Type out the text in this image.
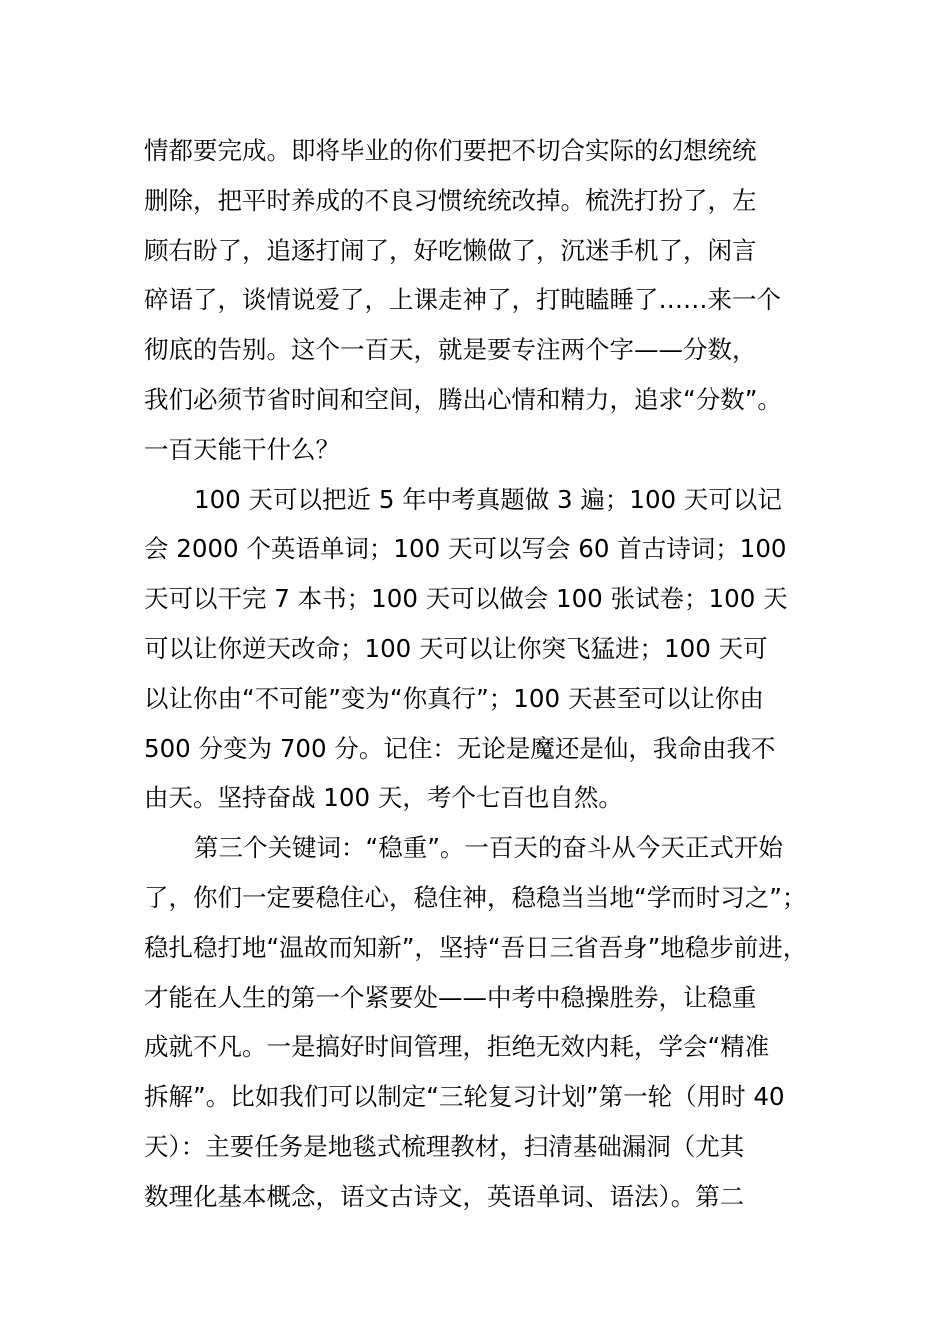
情都要完成。即将毕业的你们要把不切合实际的幻想统统
删除，把平时养成的不良习惯统统改掉。梳洗打扮了，左
顾右盼了，追逐打闹了，好吃懒做了，沉迷手机了，闲言
碎语了，谈情说爱了，上课走神了，打盹瞌睡了……来一个
彻底的告别。这个一百天，就是要专注两个字——分数，
我们必须节省时间和空间，腾出心情和精力，追求“分数”。
一百天能干什么？
100 天可以把近 5 年中考真题做 3 遍；100 天可以记
会 2000 个英语单词；100 天可以写会 60 首古诗词；100
天可以干完 7 本书；100 天可以做会 100 张试卷；100 天
可以让你逆天改命；100 天可以让你突飞猛进；100 天可
以让你由“不可能”变为“你真行”；100 天甚至可以让你由
500 分变为 700 分。记住：无论是魔还是仙，我命由我不
由天。坚持奋战 100 天，考个七百也自然。
第三个关键词：“稳重”。一百天的奋斗从今天正式开始
了，你们一定要稳住心，稳住神，稳稳当当地“学而时习之”；
稳扎稳打地“温故而知新”，坚持“吾日三省吾身”地稳步前进，
才能在人生的第一个紧要处——中考中稳操胜券，让稳重
成就不凡。一是搞好时间管理，拒绝无效内耗，学会“精准
拆解”。比如我们可以制定“三轮复习计划”第一轮（用时 40
天）：主要任务是地毯式梳理教材，扫清基础漏洞（尤其
数理化基本概念，语文古诗文，英语单词、语法）。第二
